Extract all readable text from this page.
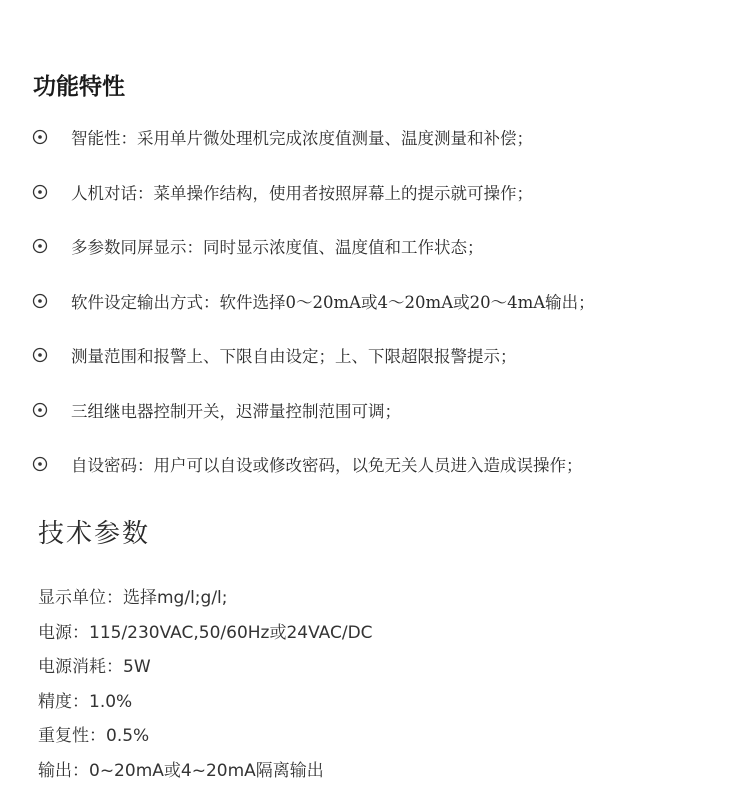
功能特性
智能性：采用单片微处理机完成浓度值测量、温度测量和补偿；
人机对话：菜单操作结构，使用者按照屏幕上的提示就可操作；
多参数同屏显示：同时显示浓度值、温度值和工作状态；
软件设定输出方式：软件选择0～20mA或4～20mA或20～4mA输出；
测量范围和报警上、下限自由设定；上、下限超限报警提示；
三组继电器控制开关，迟滞量控制范围可调；
自设密码：用户可以自设或修改密码，以免无关人员进入造成误操作；
技术参数
显示单位：选择mg/l;g/l;
电源：115/230VAC,50/60Hz或24VAC/DC
电源消耗：5W
精度：1.0%
重复性：0.5%
输出：0~20mA或4~20mA隔离输出
